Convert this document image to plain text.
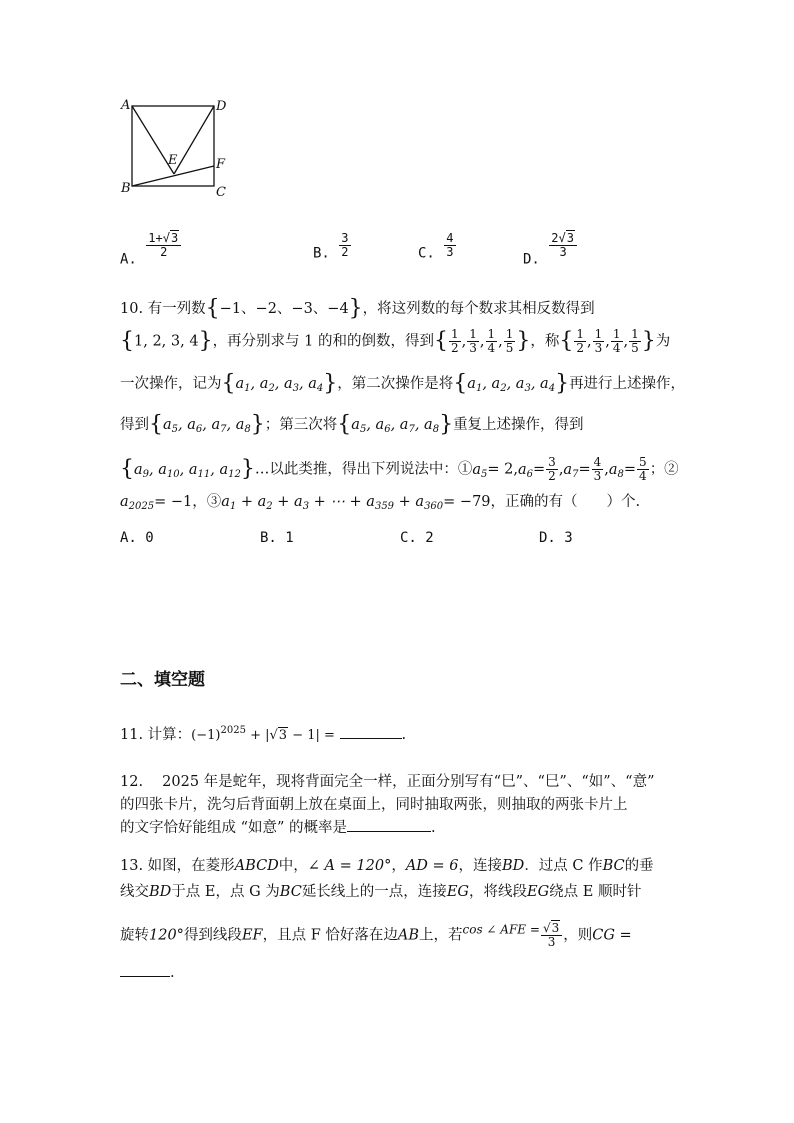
A	D
E	F
B	C
A.
$\frac{1+√3}{2}$	B. $\frac{3}{2}$	C. $\frac{4}{3}$
D.
$\frac{2√3}{3}$
10. 有一列数{−1、−2、−3、−4}，将这列数的每个数求其相反数得到
{1, 2, 3, 4}，再分别求与 1 的和的倒数，得到{ $\frac{1}{2}$ , $\frac{1}{3}$ , $\frac{1}{4}$ , $\frac{1}{5}$ }，称{ $\frac{1}{2}$ , $\frac{1}{3}$ , $\frac{1}{4}$ , $\frac{1}{5}$ }为
一次操作，记为{$a_1$, $a_2$, $a_3$, $a_4$}，第二次操作是将{$a_1$, $a_2$, $a_3$, $a_4$}再进行上述操作，
得到{$a_5$, $a_6$, $a_7$, $a_8$}；第三次将{$a_5$, $a_6$, $a_7$, $a_8$}重复上述操作，得到
{$a_9$, $a_{10}$, $a_{11}$, $a_{12}\}\dots$以此类推，得出下列说法中：$①a_5= 2,a_6= \frac{3}{2} ,a_7= \frac{4}{3} ,a_8= \frac{5}{4}$ ；②
$a_{2025}= -1$，$③a_1 + a_2 + a_3$ + ⋯ + $a_{359} + a_{360}= -79$，正确的有（　　）个.
A. 0	B. 1	C. 2	D. 3
二、填空题
11. 计算：$(-1)^{2025} + |√3 - 1|$ =	.
12.　 2025 年是蛇年，现将背面完全一样，正面分别写有“巳”、“巳”、“如”、“意”
的四张卡片，洗匀后背面朝上放在桌面上，同时抽取两张，则抽取的两张卡片上
的文字恰好能组成 “如意” 的概率是	.
13. 如图，在菱形ABCD中，∠ A = 120°，AD = 6，连接BD．过点 C 作BC的垂
线交BD于点 E，点 G 为BC延长线上的一点，连接EG，将线段EG绕点 E 顺时针
旋转120°得到线段EF，且点 F 恰好落在边AB上，若$^{cos \angle AFE =} \frac{√3}{3}$ ，则CG =
.
